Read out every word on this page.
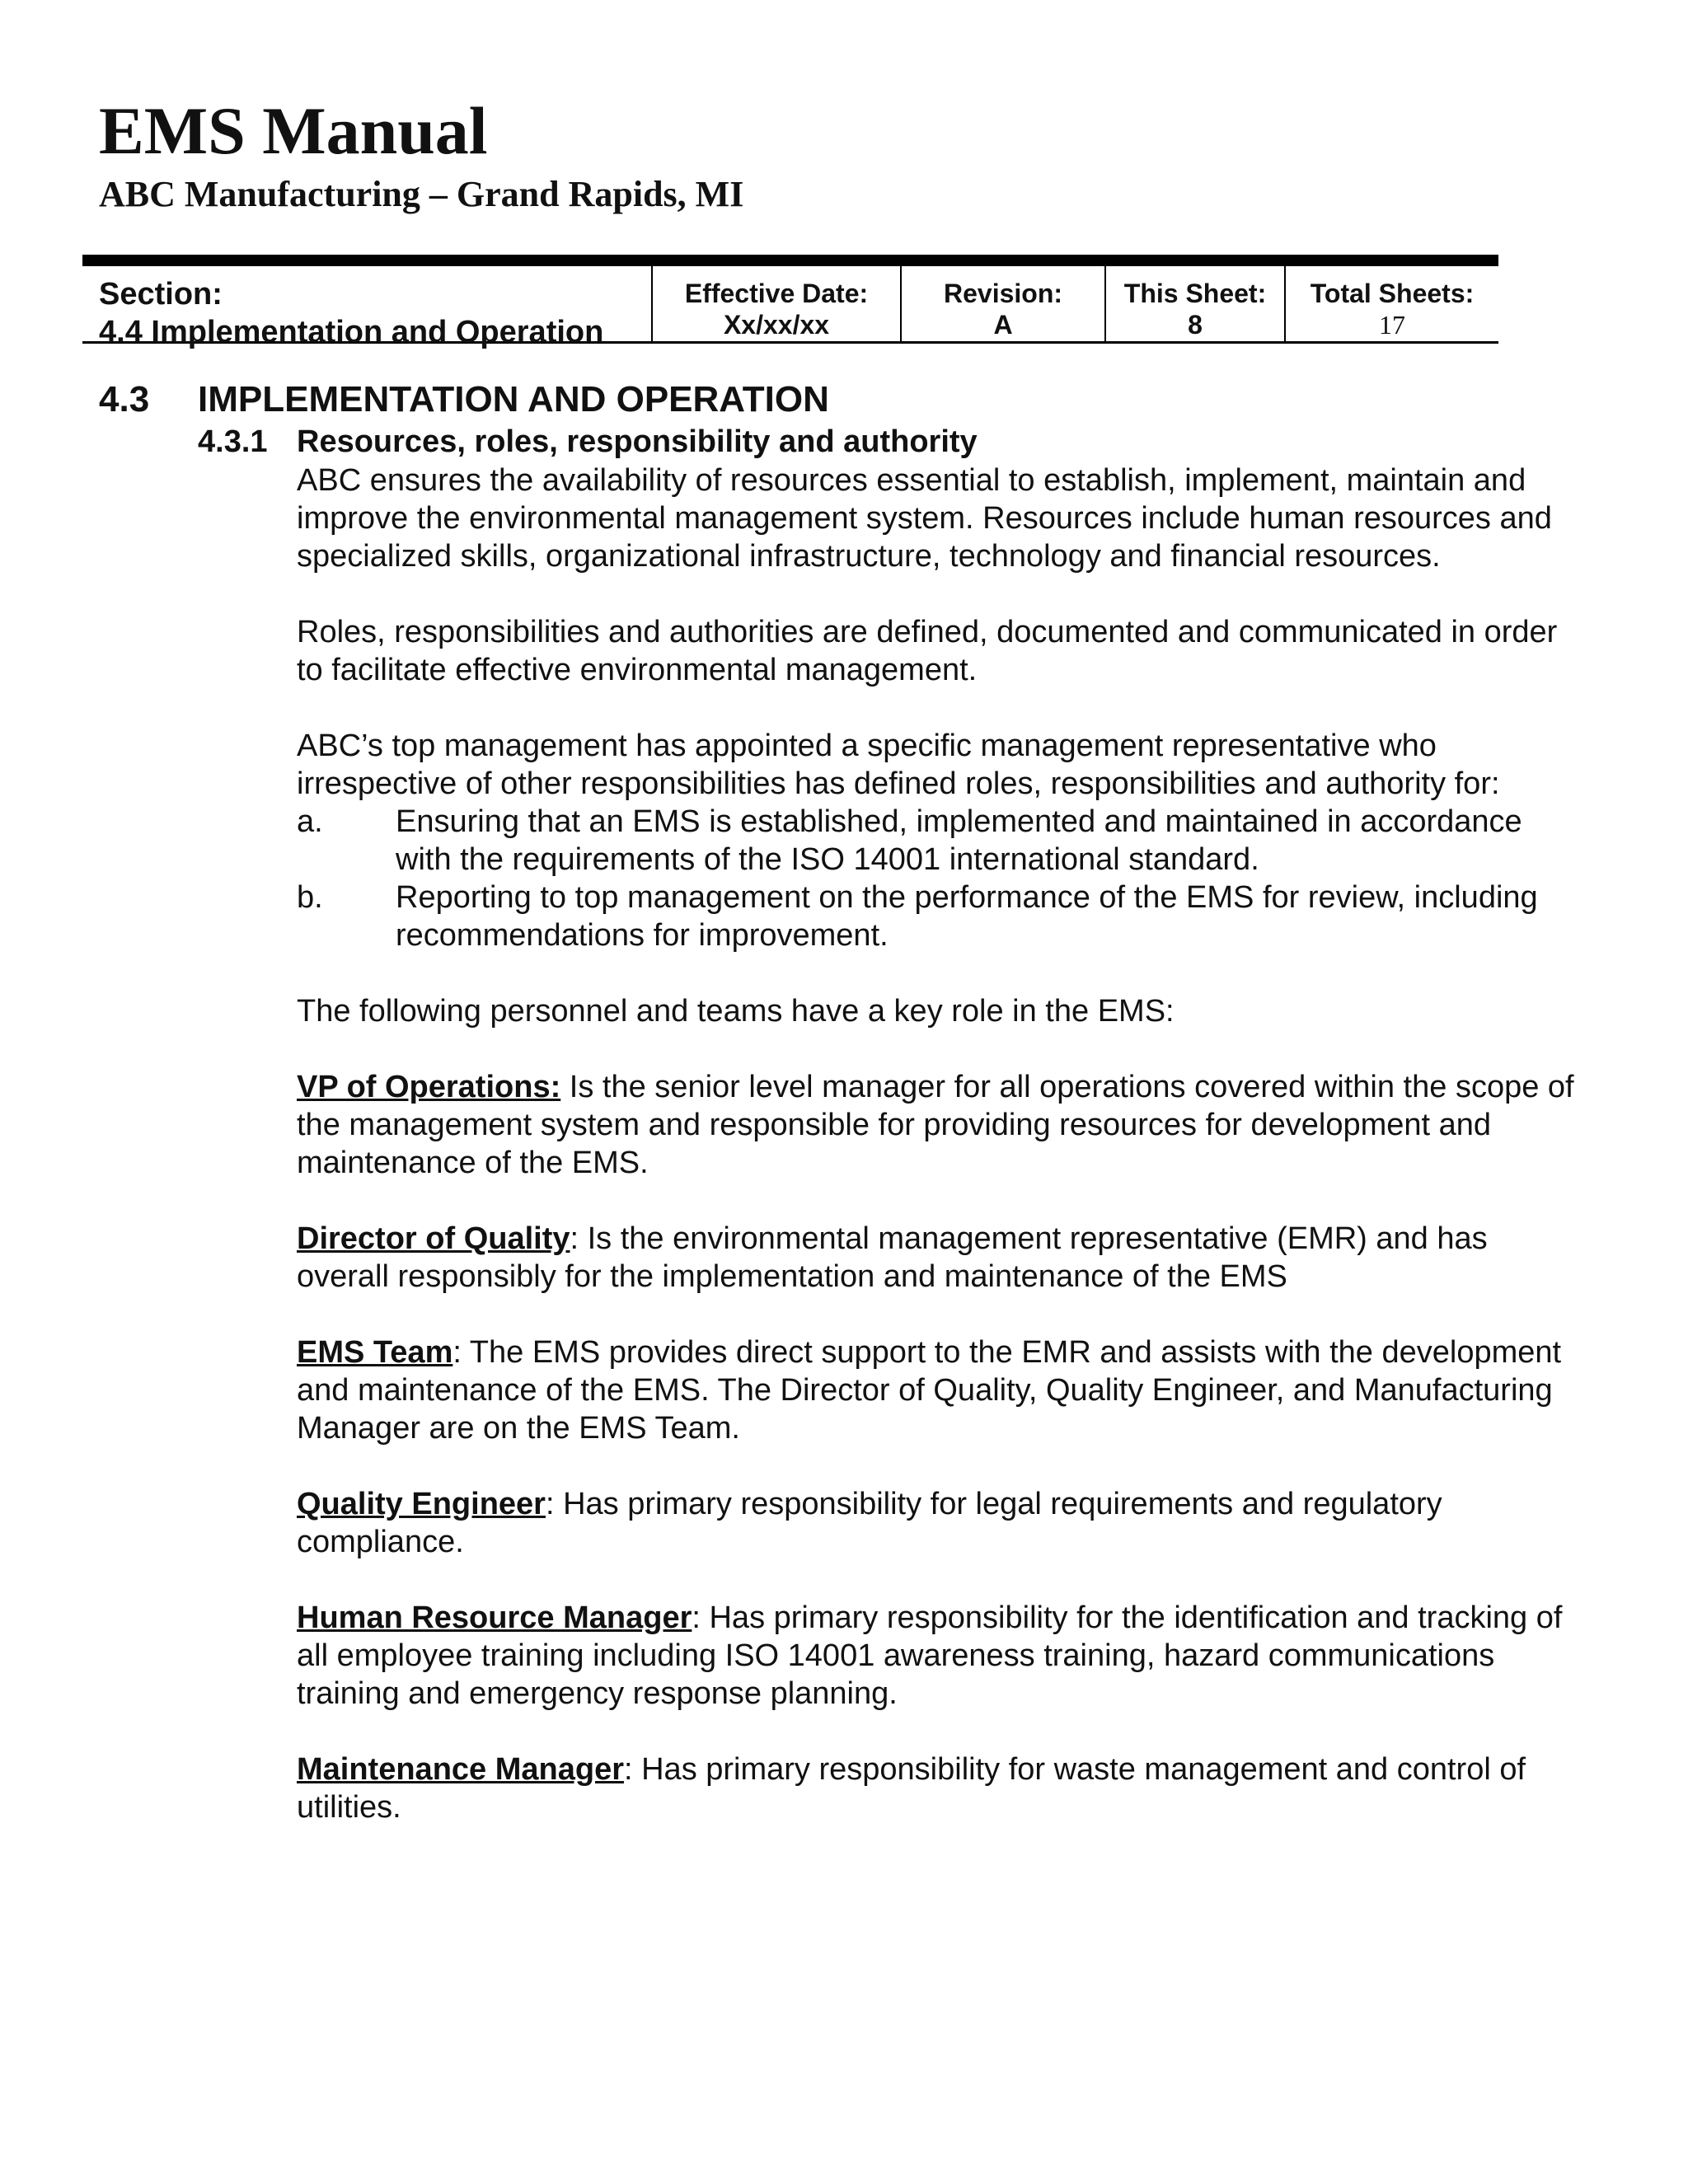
EMS Manual
ABC Manufacturing – Grand Rapids, MI
Section:
4.4 Implementation and Operation
Effective Date:
Xx/xx/xx
Revision:
A
This Sheet:
8
Total Sheets:
17
4.3 IMPLEMENTATION AND OPERATION
4.3.1 Resources, roles, responsibility and authority

ABC ensures the availability of resources essential to establish, implement, maintain and improve the environmental management system. Resources include human resources and specialized skills, organizational infrastructure, technology and financial resources.

Roles, responsibilities and authorities are defined, documented and communicated in order to facilitate effective environmental management.

ABC’s top management has appointed a specific management representative who irrespective of other responsibilities has defined roles, responsibilities and authority for:

a.	Ensuring that an EMS is established, implemented and maintained in accordance with the requirements of the ISO 14001 international standard.
b.	Reporting to top management on the performance of the EMS for review, including recommendations for improvement.

The following personnel and teams have a key role in the EMS:

VP of Operations: Is the senior level manager for all operations covered within the scope of the management system and responsible for providing resources for development and maintenance of the EMS.

Director of Quality: Is the environmental management representative (EMR) and has overall responsibly for the implementation and maintenance of the EMS

EMS Team: The EMS provides direct support to the EMR and assists with the development and maintenance of the EMS. The Director of Quality, Quality Engineer, and Manufacturing Manager are on the EMS Team.

Quality Engineer: Has primary responsibility for legal requirements and regulatory compliance.

Human Resource Manager: Has primary responsibility for the identification and tracking of all employee training including ISO 14001 awareness training, hazard communications training and emergency response planning.

Maintenance Manager: Has primary responsibility for waste management and control of utilities.
